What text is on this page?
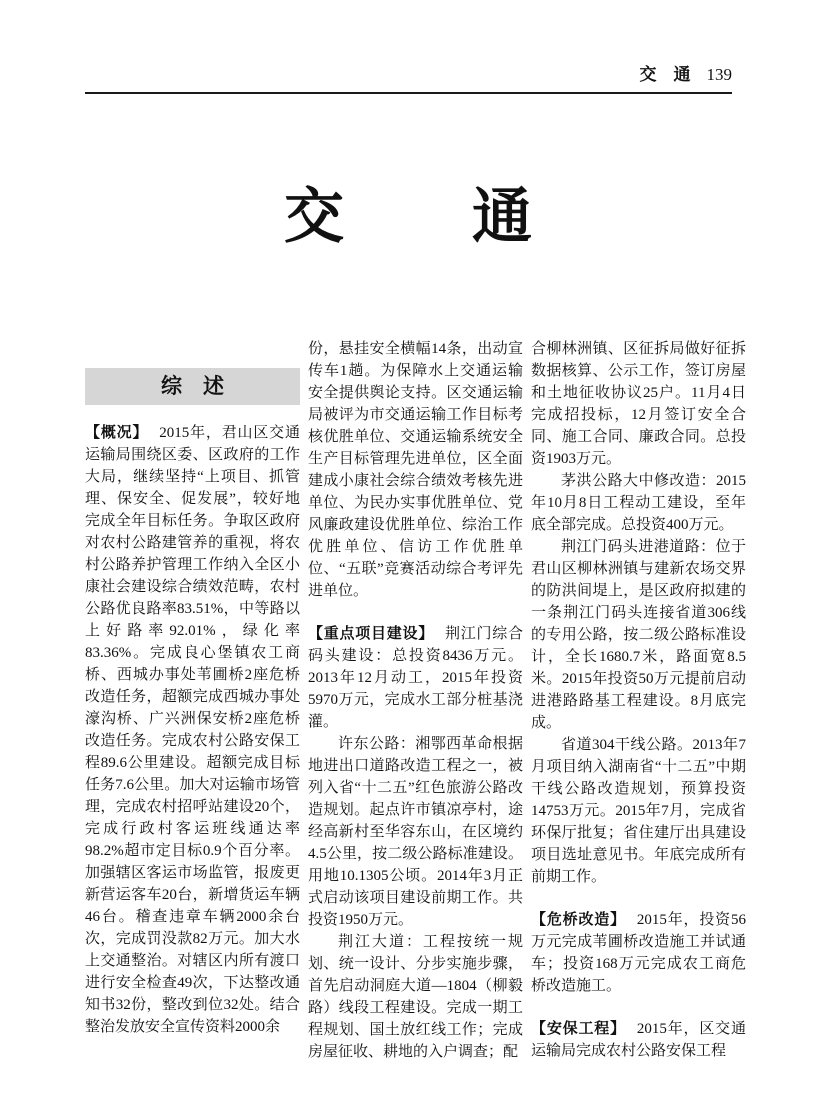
交　通 139
交 通
综　述

【概况】 2015年，君山区交通运输局围绕区委、区政府的工作大局，继续坚持“上项目、抓管理、保安全、促发展”，较好地完成全年目标任务。争取区政府对农村公路建管养的重视，将农村公路养护管理工作纳入全区小康社会建设综合绩效范畴，农村公路优良路率83.51%，中等路以上好路率92.01%，绿化率83.36%。完成良心堡镇农工商桥、西城办事处苇圃桥2座危桥改造任务，超额完成西城办事处濠沟桥、广兴洲保安桥2座危桥改造任务。完成农村公路安保工程89.6公里建设。超额完成目标任务7.6公里。加大对运输市场管理，完成农村招呼站建设20个，完成行政村客运班线通达率98.2%超市定目标0.9个百分率。加强辖区客运市场监管，报废更新营运客车20台，新增货运车辆46台。稽查违章车辆2000余台次，完成罚没款82万元。加大水上交通整治。对辖区内所有渡口进行安全检查49次，下达整改通知书32份，整改到位32处。结合整治发放安全宣传资料2000余

份，悬挂安全横幅14条，出动宣传车1趟。为保障水上交通运输安全提供舆论支持。区交通运输局被评为市交通运输工作目标考核优胜单位、交通运输系统安全生产目标管理先进单位，区全面建成小康社会综合绩效考核先进单位、为民办实事优胜单位、党风廉政建设优胜单位、综治工作优胜单位、信访工作优胜单位、“五联”竞赛活动综合考评先进单位。

【重点项目建设】 荆江门综合码头建设：总投资8436万元。2013年12月动工，2015年投资5970万元，完成水工部分桩基浇灌。

许东公路：湘鄂西革命根据地进出口道路改造工程之一，被列入省“十二五”红色旅游公路改造规划。起点许市镇凉亭村，途经高新村至华容东山，在区境约4.5公里，按二级公路标准建设。用地10.1305公顷。2014年3月正式启动该项目建设前期工作。共投资1950万元。

荆江大道：工程按统一规划、统一设计、分步实施步骤，首先启动洞庭大道—1804（柳毅路）线段工程建设。完成一期工程规划、国土放红线工作；完成房屋征收、耕地的入户调查；配

合柳林洲镇、区征拆局做好征拆数据核算、公示工作，签订房屋和土地征收协议25户。11月4日完成招投标，12月签订安全合同、施工合同、廉政合同。总投资1903万元。

茅洪公路大中修改造：2015年10月8日工程动工建设，至年底全部完成。总投资400万元。

荆江门码头进港道路：位于君山区柳林洲镇与建新农场交界的防洪间堤上，是区政府拟建的一条荆江门码头连接省道306线的专用公路，按二级公路标准设计，全长1680.7米，路面宽8.5米。2015年投资50万元提前启动进港路路基工程建设。8月底完成。

省道304干线公路。2013年7月项目纳入湖南省“十二五”中期干线公路改造规划，预算投资14753万元。2015年7月，完成省环保厅批复；省住建厅出具建设项目选址意见书。年底完成所有前期工作。

【危桥改造】 2015年，投资56万元完成苇圃桥改造施工并试通车；投资168万元完成农工商危桥改造施工。

【安保工程】 2015年，区交通运输局完成农村公路安保工程
